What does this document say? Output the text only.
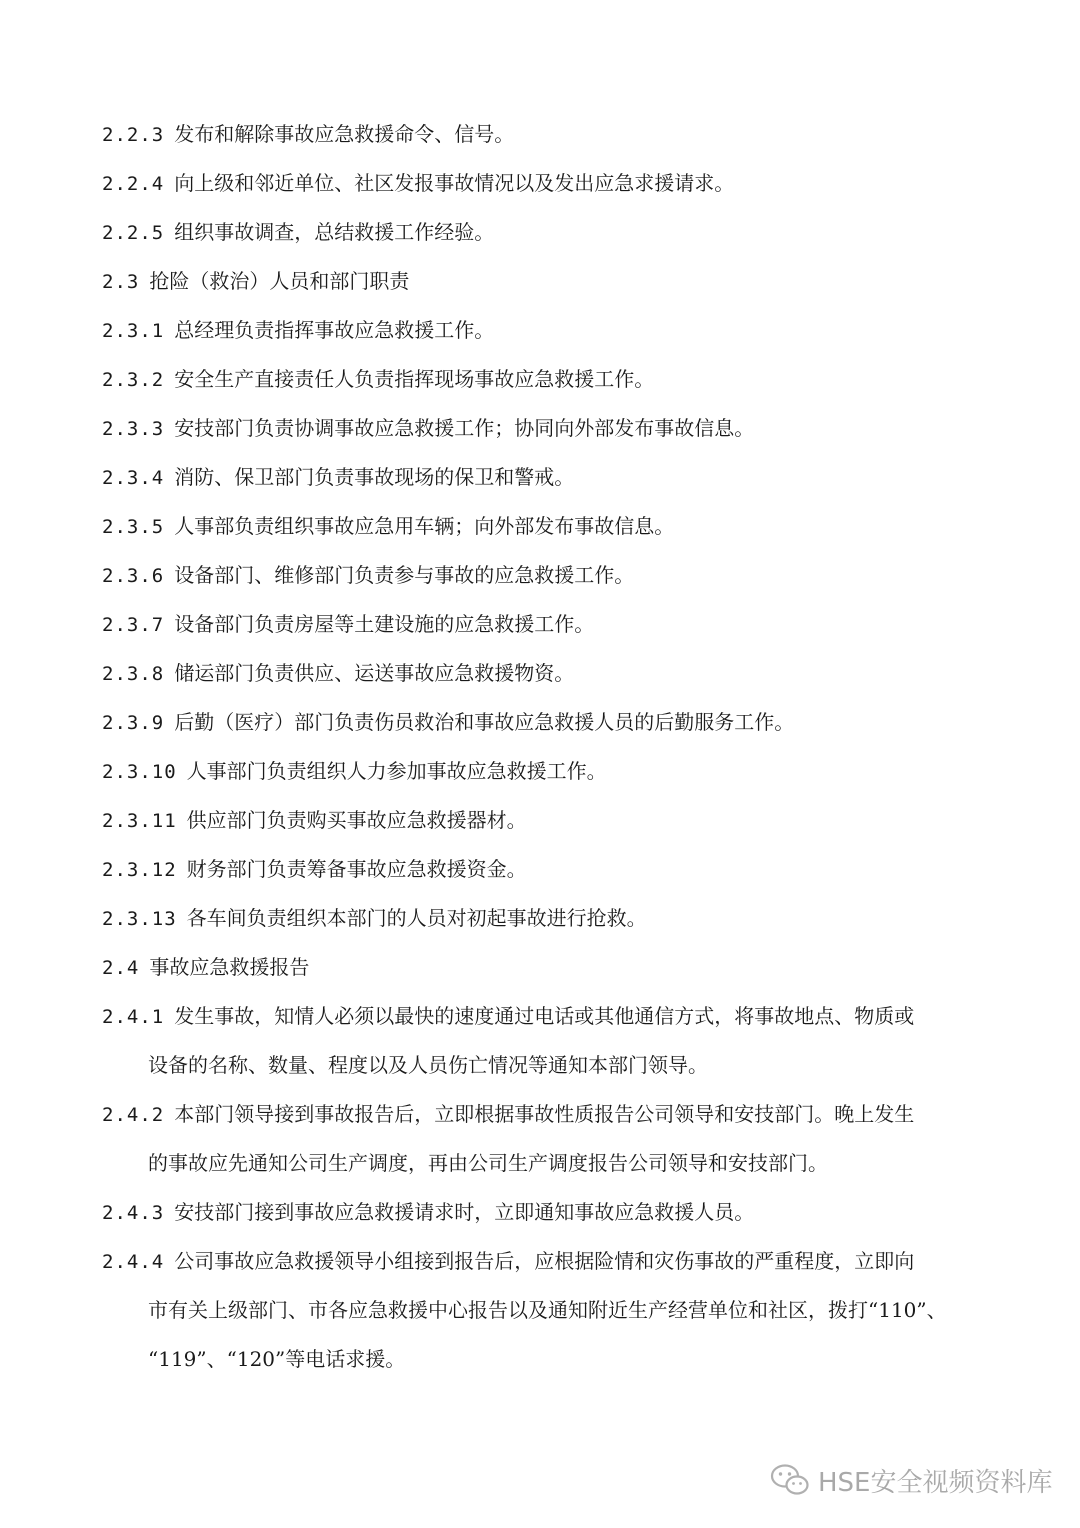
2.2.3 发布和解除事故应急救援命令、信号。
2.2.4 向上级和邻近单位、社区发报事故情况以及发出应急求援请求。
2.2.5 组织事故调查，总结救援工作经验。
2.3 抢险（救治）人员和部门职责
2.3.1 总经理负责指挥事故应急救援工作。
2.3.2 安全生产直接责任人负责指挥现场事故应急救援工作。
2.3.3 安技部门负责协调事故应急救援工作；协同向外部发布事故信息。
2.3.4 消防、保卫部门负责事故现场的保卫和警戒。
2.3.5 人事部负责组织事故应急用车辆；向外部发布事故信息。
2.3.6 设备部门、维修部门负责参与事故的应急救援工作。
2.3.7 设备部门负责房屋等土建设施的应急救援工作。
2.3.8 储运部门负责供应、运送事故应急救援物资。
2.3.9 后勤（医疗）部门负责伤员救治和事故应急救援人员的后勤服务工作。
2.3.10 人事部门负责组织人力参加事故应急救援工作。
2.3.11 供应部门负责购买事故应急救援器材。
2.3.12 财务部门负责筹备事故应急救援资金。
2.3.13 各车间负责组织本部门的人员对初起事故进行抢救。
2.4 事故应急救援报告
2.4.1 发生事故，知情人必须以最快的速度通过电话或其他通信方式，将事故地点、物质或
设备的名称、数量、程度以及人员伤亡情况等通知本部门领导。
2.4.2 本部门领导接到事故报告后，立即根据事故性质报告公司领导和安技部门。晚上发生
的事故应先通知公司生产调度，再由公司生产调度报告公司领导和安技部门。
2.4.3 安技部门接到事故应急救援请求时，立即通知事故应急救援人员。
2.4.4 公司事故应急救援领导小组接到报告后，应根据险情和灾伤事故的严重程度，立即向
市有关上级部门、市各应急救援中心报告以及通知附近生产经营单位和社区，拨打“110”、
“119”、“120”等电话求援。
HSE安全视频资料库
